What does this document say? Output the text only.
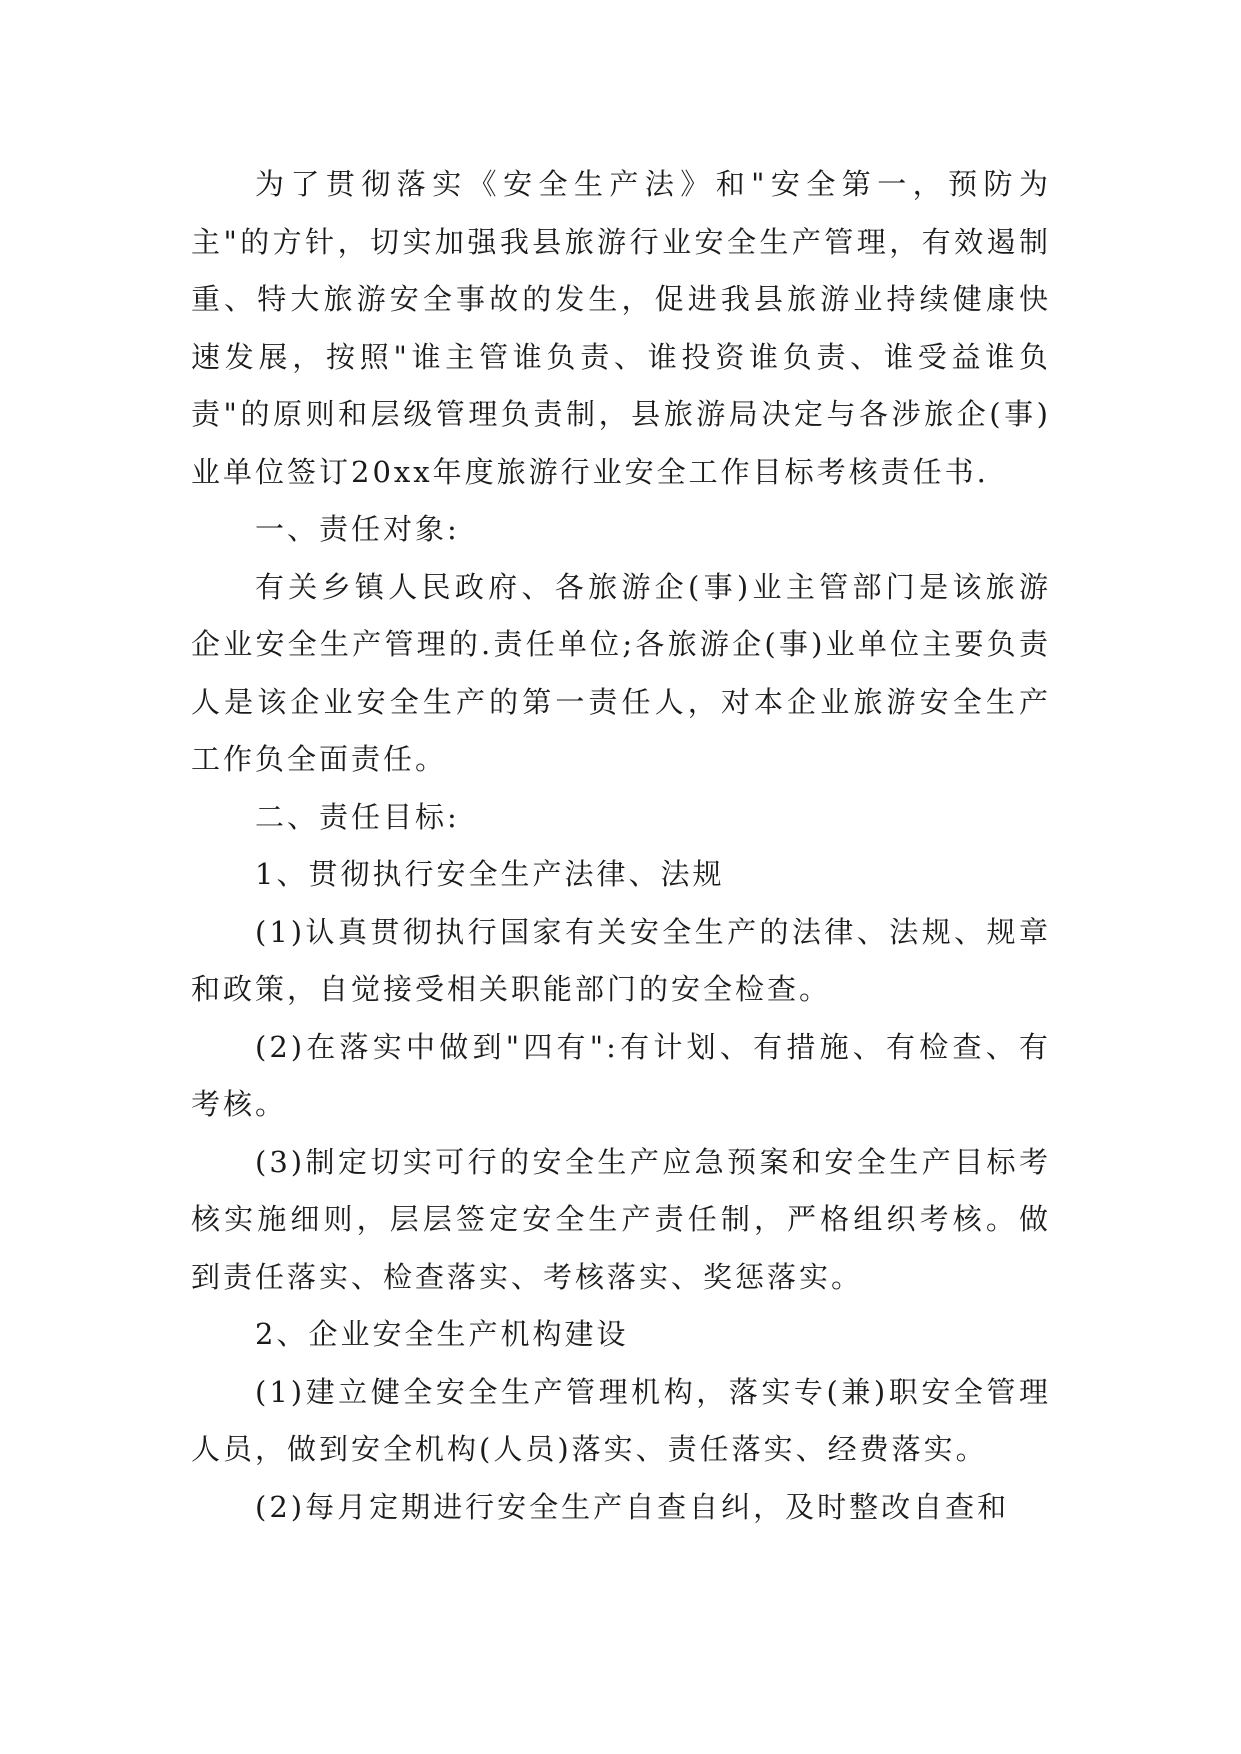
为了贯彻落实《安全生产法》和"安全第一，预防为主"的方针，切实加强我县旅游行业安全生产管理，有效遏制重、特大旅游安全事故的发生，促进我县旅游业持续健康快速发展，按照"谁主管谁负责、谁投资谁负责、谁受益谁负责"的原则和层级管理负责制，县旅游局决定与各涉旅企(事)业单位签订20xx年度旅游行业安全工作目标考核责任书.

一、责任对象:

有关乡镇人民政府、各旅游企(事)业主管部门是该旅游企业安全生产管理的.责任单位;各旅游企(事)业单位主要负责人是该企业安全生产的第一责任人，对本企业旅游安全生产工作负全面责任。

二、责任目标:

1、贯彻执行安全生产法律、法规

(1)认真贯彻执行国家有关安全生产的法律、法规、规章和政策，自觉接受相关职能部门的安全检查。

(2)在落实中做到"四有":有计划、有措施、有检查、有考核。

(3)制定切实可行的安全生产应急预案和安全生产目标考核实施细则，层层签定安全生产责任制，严格组织考核。做到责任落实、检查落实、考核落实、奖惩落实。

2、企业安全生产机构建设

(1)建立健全安全生产管理机构，落实专(兼)职安全管理人员，做到安全机构(人员)落实、责任落实、经费落实。

(2)每月定期进行安全生产自查自纠，及时整改自查和
